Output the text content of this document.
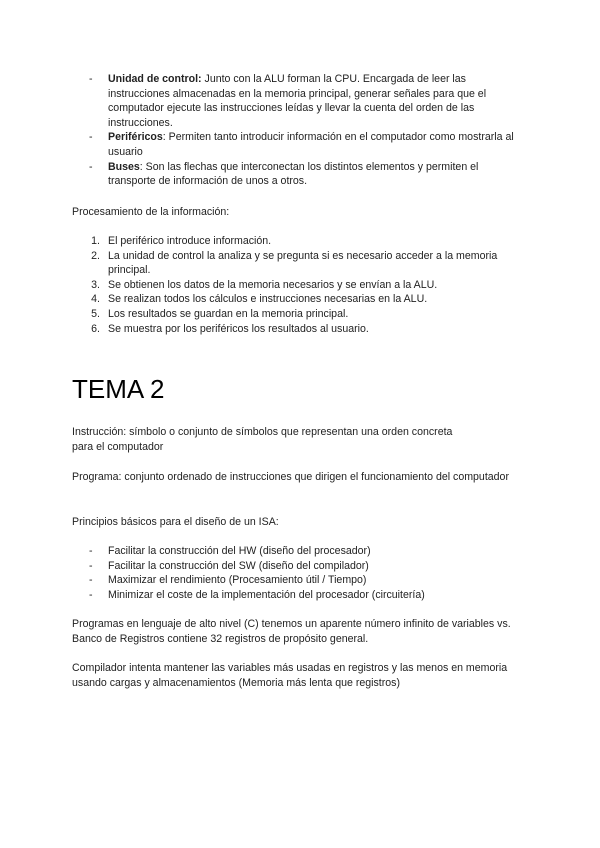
- Unidad de control: Junto con la ALU forman la CPU. Encargada de leer las instrucciones almacenadas en la memoria principal, generar señales para que el computador ejecute las instrucciones leídas y llevar la cuenta del orden de las instrucciones.
- Periféricos: Permiten tanto introducir información en el computador como mostrarla al usuario
- Buses: Son las flechas que interconectan los distintos elementos y permiten el transporte de información de unos a otros.

Procesamiento de la información:

1. El periférico introduce información.
2. La unidad de control la analiza y se pregunta si es necesario acceder a la memoria principal.
3. Se obtienen los datos de la memoria necesarios y se envían a la ALU.
4. Se realizan todos los cálculos e instrucciones necesarias en la ALU.
5. Los resultados se guardan en la memoria principal.
6. Se muestra por los periféricos los resultados al usuario.
TEMA 2

Instrucción: símbolo o conjunto de símbolos que representan una orden concreta para el computador

Programa: conjunto ordenado de instrucciones que dirigen el funcionamiento del computador

Principios básicos para el diseño de un ISA:

- Facilitar la construcción del HW (diseño del procesador)
- Facilitar la construcción del SW (diseño del compilador)
- Maximizar el rendimiento (Procesamiento útil / Tiempo)
- Minimizar el coste de la implementación del procesador (circuitería)

Programas en lenguaje de alto nivel (C) tenemos un aparente número infinito de variables vs. Banco de Registros contiene 32 registros de propósito general.

Compilador intenta mantener las variables más usadas en registros y las menos en memoria usando cargas y almacenamientos (Memoria más lenta que registros)
